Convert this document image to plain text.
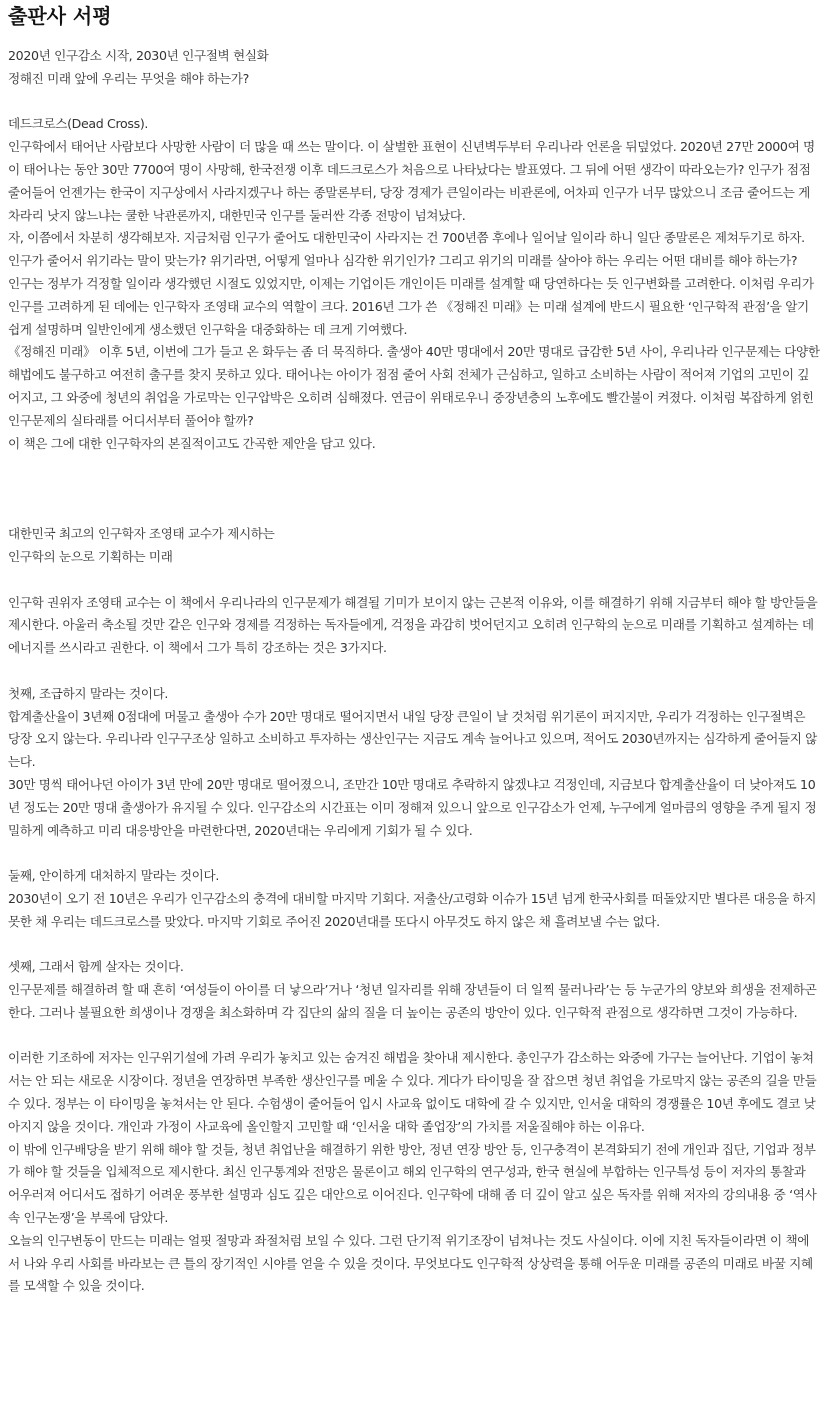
출판사 서평

2020년 인구감소 시작, 2030년 인구절벽 현실화

정해진 미래 앞에 우리는 무엇을 해야 하는가?

데드크로스(Dead Cross).

인구학에서 태어난 사람보다 사망한 사람이 더 많을 때 쓰는 말이다. 이 살벌한 표현이 신년벽두부터 우리나라 언론을 뒤덮었다. 2020년 27만 2000여 명이 태어나는 동안 30만 7700여 명이 사망해, 한국전쟁 이후 데드크로스가 처음으로 나타났다는 발표였다. 그 뒤에 어떤 생각이 따라오는가? 인구가 점점 줄어들어 언젠가는 한국이 지구상에서 사라지겠구나 하는 종말론부터, 당장 경제가 큰일이라는 비관론에, 어차피 인구가 너무 많았으니 조금 줄어드는 게 차라리 낫지 않느냐는 쿨한 낙관론까지, 대한민국 인구를 둘러싼 각종 전망이 넘쳐났다.

자, 이쯤에서 차분히 생각해보자. 지금처럼 인구가 줄어도 대한민국이 사라지는 건 700년쯤 후에나 일어날 일이라 하니 일단 종말론은 제쳐두기로 하자. 인구가 줄어서 위기라는 말이 맞는가? 위기라면, 어떻게 얼마나 심각한 위기인가? 그리고 위기의 미래를 살아야 하는 우리는 어떤 대비를 해야 하는가?

인구는 정부가 걱정할 일이라 생각했던 시절도 있었지만, 이제는 기업이든 개인이든 미래를 설계할 때 당연하다는 듯 인구변화를 고려한다. 이처럼 우리가 인구를 고려하게 된 데에는 인구학자 조영태 교수의 역할이 크다. 2016년 그가 쓴 《정해진 미래》는 미래 설계에 반드시 필요한 ‘인구학적 관점’을 알기 쉽게 설명하며 일반인에게 생소했던 인구학을 대중화하는 데 크게 기여했다.

《정해진 미래》 이후 5년, 이번에 그가 들고 온 화두는 좀 더 묵직하다. 출생아 40만 명대에서 20만 명대로 급감한 5년 사이, 우리나라 인구문제는 다양한 해법에도 불구하고 여전히 출구를 찾지 못하고 있다. 태어나는 아이가 점점 줄어 사회 전체가 근심하고, 일하고 소비하는 사람이 적어져 기업의 고민이 깊어지고, 그 와중에 청년의 취업을 가로막는 인구압박은 오히려 심해졌다. 연금이 위태로우니 중장년층의 노후에도 빨간불이 켜졌다. 이처럼 복잡하게 얽힌 인구문제의 실타래를 어디서부터 풀어야 할까?

이 책은 그에 대한 인구학자의 본질적이고도 간곡한 제안을 담고 있다.

대한민국 최고의 인구학자 조영태 교수가 제시하는

인구학의 눈으로 기획하는 미래

인구학 권위자 조영태 교수는 이 책에서 우리나라의 인구문제가 해결될 기미가 보이지 않는 근본적 이유와, 이를 해결하기 위해 지금부터 해야 할 방안들을 제시한다. 아울러 축소될 것만 같은 인구와 경제를 걱정하는 독자들에게, 걱정을 과감히 벗어던지고 오히려 인구학의 눈으로 미래를 기획하고 설계하는 데 에너지를 쓰시라고 권한다. 이 책에서 그가 특히 강조하는 것은 3가지다.

첫째, 조급하지 말라는 것이다.

합계출산율이 3년째 0점대에 머물고 출생아 수가 20만 명대로 떨어지면서 내일 당장 큰일이 날 것처럼 위기론이 퍼지지만, 우리가 걱정하는 인구절벽은 당장 오지 않는다. 우리나라 인구구조상 일하고 소비하고 투자하는 생산인구는 지금도 계속 늘어나고 있으며, 적어도 2030년까지는 심각하게 줄어들지 않는다.

30만 명씩 태어나던 아이가 3년 만에 20만 명대로 떨어졌으니, 조만간 10만 명대로 추락하지 않겠냐고 걱정인데, 지금보다 합계출산율이 더 낮아져도 10년 정도는 20만 명대 출생아가 유지될 수 있다. 인구감소의 시간표는 이미 정해져 있으니 앞으로 인구감소가 언제, 누구에게 얼마큼의 영향을 주게 될지 정밀하게 예측하고 미리 대응방안을 마련한다면, 2020년대는 우리에게 기회가 될 수 있다.

둘째, 안이하게 대처하지 말라는 것이다.

2030년이 오기 전 10년은 우리가 인구감소의 충격에 대비할 마지막 기회다. 저출산/고령화 이슈가 15년 넘게 한국사회를 떠돌았지만 별다른 대응을 하지 못한 채 우리는 데드크로스를 맞았다. 마지막 기회로 주어진 2020년대를 또다시 아무것도 하지 않은 채 흘려보낼 수는 없다.

셋째, 그래서 함께 살자는 것이다.

인구문제를 해결하려 할 때 흔히 ‘여성들이 아이를 더 낳으라’거나 ‘청년 일자리를 위해 장년들이 더 일찍 물러나라’는 등 누군가의 양보와 희생을 전제하곤 한다. 그러나 불필요한 희생이나 경쟁을 최소화하며 각 집단의 삶의 질을 더 높이는 공존의 방안이 있다. 인구학적 관점으로 생각하면 그것이 가능하다.

이러한 기조하에 저자는 인구위기설에 가려 우리가 놓치고 있는 숨겨진 해법을 찾아내 제시한다. 총인구가 감소하는 와중에 가구는 늘어난다. 기업이 놓쳐서는 안 되는 새로운 시장이다. 정년을 연장하면 부족한 생산인구를 메울 수 있다. 게다가 타이밍을 잘 잡으면 청년 취업을 가로막지 않는 공존의 길을 만들 수 있다. 정부는 이 타이밍을 놓쳐서는 안 된다. 수험생이 줄어들어 입시 사교육 없이도 대학에 갈 수 있지만, 인서울 대학의 경쟁률은 10년 후에도 결코 낮아지지 않을 것이다. 개인과 가정이 사교육에 올인할지 고민할 때 ‘인서울 대학 졸업장’의 가치를 저울질해야 하는 이유다.

이 밖에 인구배당을 받기 위해 해야 할 것들, 청년 취업난을 해결하기 위한 방안, 정년 연장 방안 등, 인구충격이 본격화되기 전에 개인과 집단, 기업과 정부가 해야 할 것들을 입체적으로 제시한다. 최신 인구통계와 전망은 물론이고 해외 인구학의 연구성과, 한국 현실에 부합하는 인구특성 등이 저자의 통찰과 어우러져 어디서도 접하기 어려운 풍부한 설명과 심도 깊은 대안으로 이어진다. 인구학에 대해 좀 더 깊이 알고 싶은 독자를 위해 저자의 강의내용 중 ‘역사 속 인구논쟁’을 부록에 담았다.

오늘의 인구변동이 만드는 미래는 얼핏 절망과 좌절처럼 보일 수 있다. 그런 단기적 위기조장이 넘쳐나는 것도 사실이다. 이에 지친 독자들이라면 이 책에서 나와 우리 사회를 바라보는 큰 틀의 장기적인 시야를 얻을 수 있을 것이다. 무엇보다도 인구학적 상상력을 통해 어두운 미래를 공존의 미래로 바꿀 지혜를 모색할 수 있을 것이다.
